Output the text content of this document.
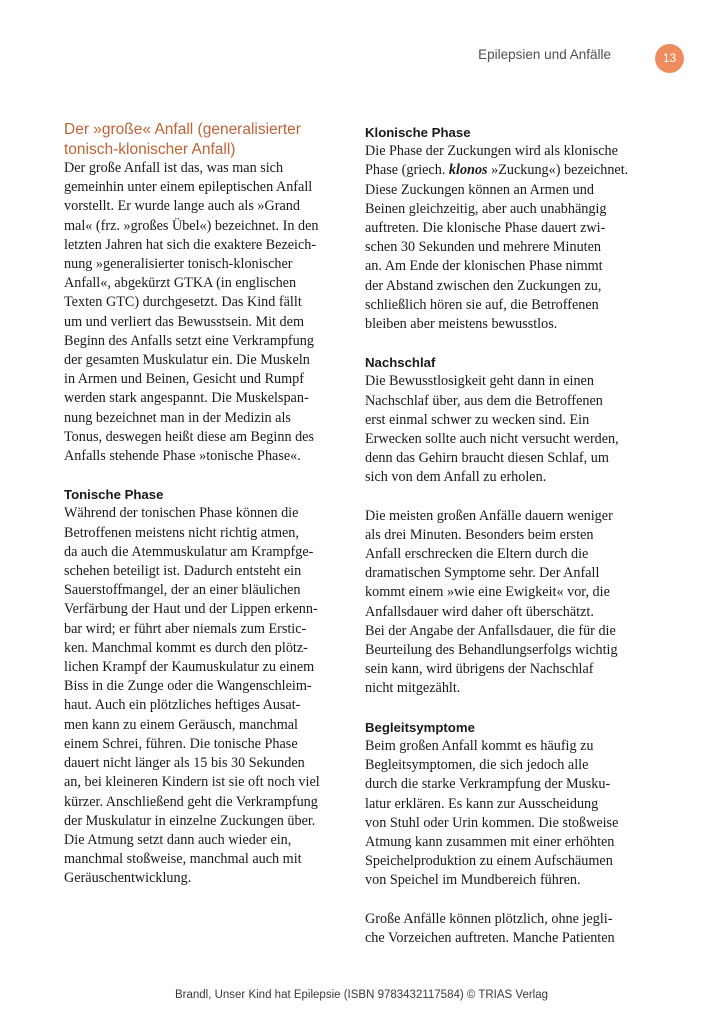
Epilepsien und Anfälle	13
Der »große« Anfall (generalisierter
tonisch-klonischer Anfall)

Der große Anfall ist das, was man sich
gemeinhin unter einem epileptischen Anfall
vorstellt. Er wurde lange auch als »Grand
mal« (frz. »großes Übel«) bezeichnet. In den
letzten Jahren hat sich die exaktere Bezeich-
nung »generalisierter tonisch-klonischer
Anfall«, abgekürzt GTKA (in englischen
Texten GTC) durchgesetzt. Das Kind fällt
um und verliert das Bewusstsein. Mit dem
Beginn des Anfalls setzt eine Verkrampfung
der gesamten Muskulatur ein. Die Muskeln
in Armen und Beinen, Gesicht und Rumpf
werden stark angespannt. Die Muskelspan-
nung bezeichnet man in der Medizin als
Tonus, deswegen heißt diese am Beginn des
Anfalls stehende Phase »tonische Phase«.

Tonische Phase

Während der tonischen Phase können die
Betroffenen meistens nicht richtig atmen,
da auch die Atemmuskulatur am Krampfge-
schehen beteiligt ist. Dadurch entsteht ein
Sauerstoffmangel, der an einer bläulichen
Verfärbung der Haut und der Lippen erkenn-
bar wird; er führt aber niemals zum Erstic-
ken. Manchmal kommt es durch den plötz-
lichen Krampf der Kaumuskulatur zu einem
Biss in die Zunge oder die Wangenschleim-
haut. Auch ein plötzliches heftiges Ausat-
men kann zu einem Geräusch, manchmal
einem Schrei, führen. Die tonische Phase
dauert nicht länger als 15 bis 30 Sekunden
an, bei kleineren Kindern ist sie oft noch viel
kürzer. Anschließend geht die Verkrampfung
der Muskulatur in einzelne Zuckungen über.
Die Atmung setzt dann auch wieder ein,
manchmal stoßweise, manchmal auch mit
Geräuschentwicklung.

Klonische Phase

Die Phase der Zuckungen wird als klonische
Phase (griech. klonos »Zuckung«) bezeichnet.
Diese Zuckungen können an Armen und
Beinen gleichzeitig, aber auch unabhängig
auftreten. Die klonische Phase dauert zwi-
schen 30 Sekunden und mehrere Minuten
an. Am Ende der klonischen Phase nimmt
der Abstand zwischen den Zuckungen zu,
schließlich hören sie auf, die Betroffenen
bleiben aber meistens bewusstlos.

Nachschlaf

Die Bewusstlosigkeit geht dann in einen
Nachschlaf über, aus dem die Betroffenen
erst einmal schwer zu wecken sind. Ein
Erwecken sollte auch nicht versucht werden,
denn das Gehirn braucht diesen Schlaf, um
sich von dem Anfall zu erholen.

Die meisten großen Anfälle dauern weniger
als drei Minuten. Besonders beim ersten
Anfall erschrecken die Eltern durch die
dramatischen Symptome sehr. Der Anfall
kommt einem »wie eine Ewigkeit« vor, die
Anfallsdauer wird daher oft überschätzt.
Bei der Angabe der Anfallsdauer, die für die
Beurteilung des Behandlungserfolgs wichtig
sein kann, wird übrigens der Nachschlaf
nicht mitgezählt.

Begleitsymptome

Beim großen Anfall kommt es häufig zu
Begleitsymptomen, die sich jedoch alle
durch die starke Verkrampfung der Musku-
latur erklären. Es kann zur Ausscheidung
von Stuhl oder Urin kommen. Die stoßweise
Atmung kann zusammen mit einer erhöhten
Speichelproduktion zu einem Aufschäumen
von Speichel im Mundbereich führen.

Große Anfälle können plötzlich, ohne jegli-
che Vorzeichen auftreten. Manche Patienten

Brandl, Unser Kind hat Epilepsie (ISBN 9783432117584) © TRIAS Verlag
